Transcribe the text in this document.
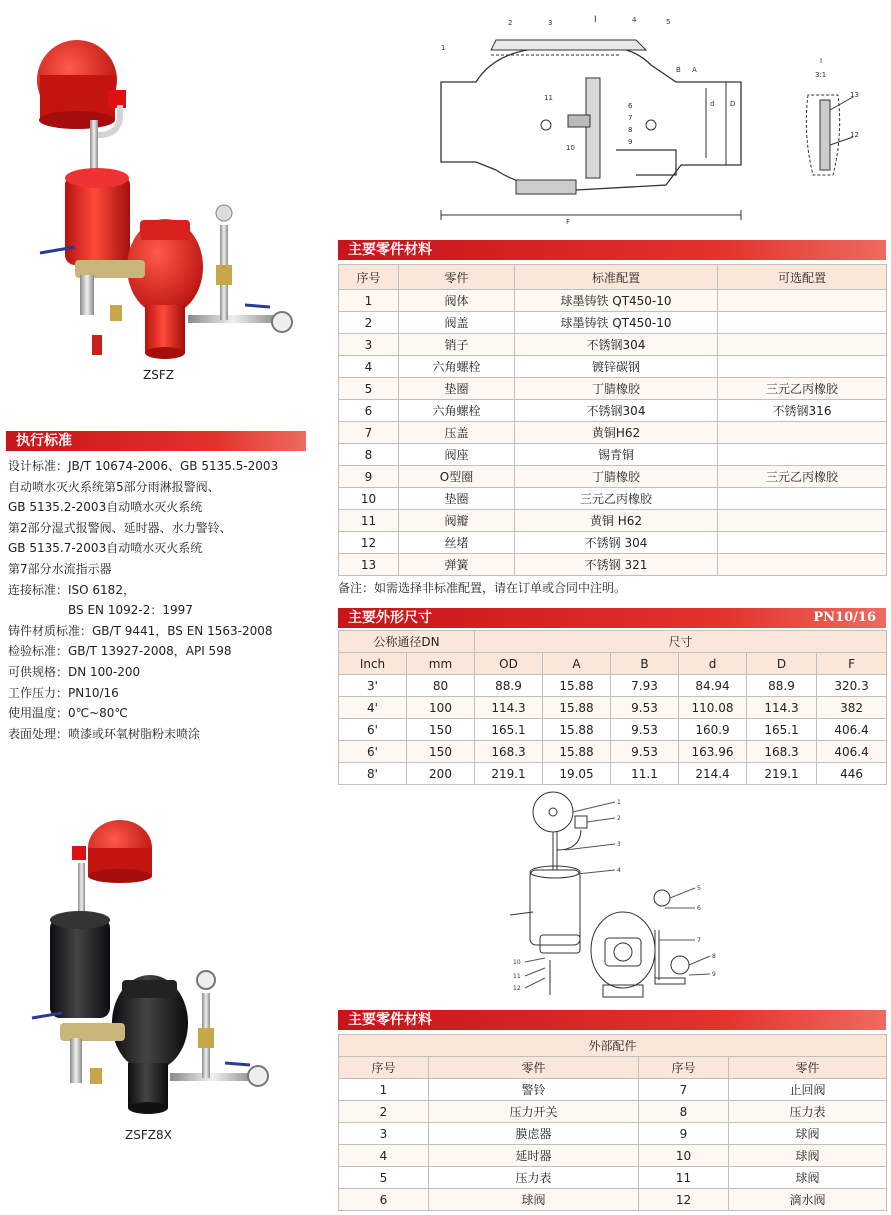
ZSFZ
执行标准
设计标准：JB/T 10674-2006、GB 5135.5-2003
自动喷水灭火系统第5部分雨淋报警阀、
GB 5135.2-2003自动喷水灭火系统
第2部分湿式报警阀、延时器、水力警铃、
GB 5135.7-2003自动喷水灭火系统
第7部分水流指示器
连接标准：ISO 6182，
　　　　　BS EN 1092-2：1997
铸件材质标准：GB/T 9441，BS EN 1563-2008
检验标准：GB/T 13927-2008，API 598
可供规格：DN 100-200
工作压力：PN10/16
使用温度：0℃~80℃
表面处理：喷漆或环氧树脂粉末喷涂
ZSFZ8X
1
2	3	I	4	5
B A
d D
F
11
6
7
8
9
10
I
3:1
13
12
主要零件材料
序号	零件	标准配置	可选配置
1	阀体	球墨铸铁 QT450-10	
2	阀盖	球墨铸铁 QT450-10	
3	销子	不锈钢304	
4	六角螺栓	镀锌碳钢	
5	垫圈	丁腈橡胶	三元乙丙橡胶
6	六角螺栓	不锈钢304	不锈钢316
7	压盖	黄铜H62	
8	阀座	锡青铜	
9	O型圈	丁腈橡胶	三元乙丙橡胶
10	垫圈	三元乙丙橡胶	
11	阀瓣	黄铜 H62	
12	丝堵	不锈钢 304	
13	弹簧	不锈钢 321	
备注：如需选择非标准配置，请在订单或合同中注明。
主要外形尺寸	PN10/16
公称通径DN		尺寸					
Inch	mm	OD	A	B	d	D	F
3'	80	88.9	15.88	7.93	84.94	88.9	320.3
4'	100	114.3	15.88	9.53	110.08	114.3	382
6'	150	165.1	15.88	9.53	160.9	165.1	406.4
6'	150	168.3	15.88	9.53	163.96	168.3	406.4
8'	200	219.1	19.05	11.1	214.4	219.1	446
1
2
3
4
5
6
7
8
9
10
11
12
主要零件材料
外部配件			
序号	零件	序号	零件
1	警铃	7	止回阀
2	压力开关	8	压力表
3	膜虑器	9	球阀
4	延时器	10	球阀
5	压力表	11	球阀
6	球阀	12	滴水阀
